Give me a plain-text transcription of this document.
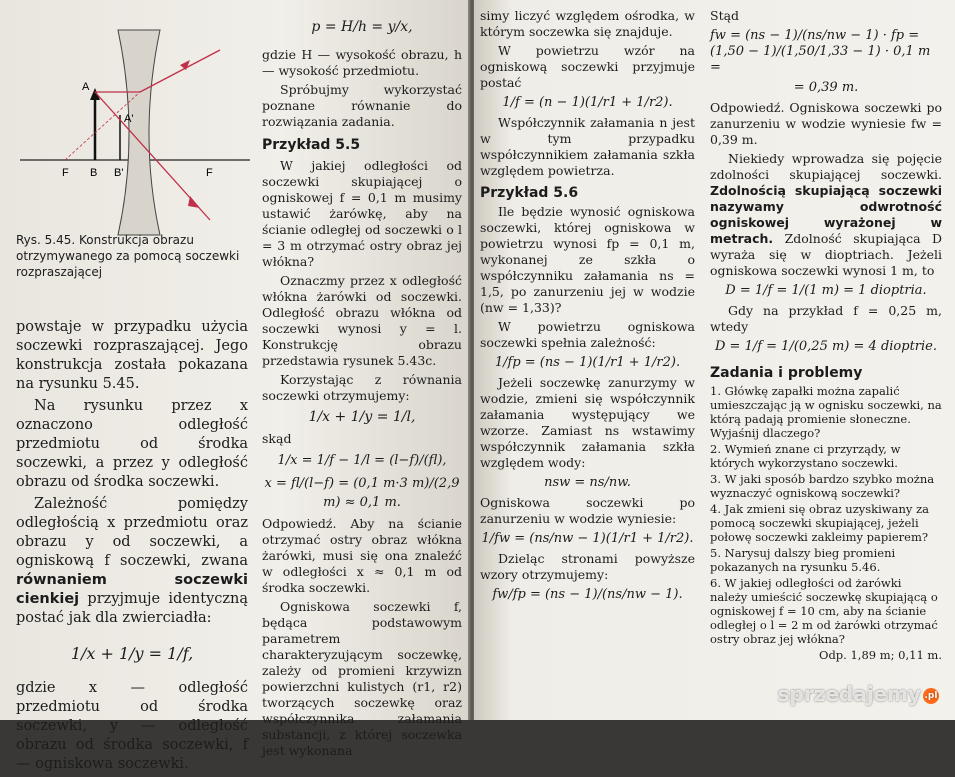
A
A'
F B B'	F
Rys. 5.45. Konstrukcja obrazu otrzymywanego za pomocą soczewki rozpraszającej

powstaje w przypadku użycia soczewki rozpraszającej. Jego konstrukcja została pokazana na rysunku 5.45.

Na rysunku przez x oznaczono odległość przedmiotu od środka soczewki, a przez y odległość obrazu od środka soczewki.

Zależność pomiędzy odległością x przedmiotu oraz obrazu y od soczewki, a ogniskową f soczewki, zwana równaniem soczewki cienkiej przyjmuje identyczną postać jak dla zwierciadła:

1/x + 1/y = 1/f,

gdzie x — odległość przedmiotu od środka soczewki, y — odległość obrazu od środka soczewki, f — ogniskowa soczewki.

p = H/h = y/x,

gdzie H — wysokość obrazu, h — wysokość przedmiotu.

Spróbujmy wykorzystać poznane równanie do rozwiązania zadania.

Przykład 5.5

W jakiej odległości od soczewki skupiającej o ogniskowej f = 0,1 m musimy ustawić żarówkę, aby na ścianie odległej od soczewki o l = 3 m otrzymać ostry obraz jej włókna?

Oznaczmy przez x odległość włókna żarówki od soczewki. Odległość obrazu włókna od soczewki wynosi y = l. Konstrukcję obrazu przedstawia rysunek 5.43c.

Korzystając z równania soczewki otrzymujemy:

1/x + 1/y = 1/l,

skąd

1/x = 1/f − 1/l = (l−f)/(fl),
x = fl/(l−f) = (0,1 m·3 m)/(2,9 m) ≈ 0,1 m.

Odpowiedź. Aby na ścianie otrzymać ostry obraz włókna żarówki, musi się ona znaleźć w odległości x ≈ 0,1 m od środka soczewki.

Ogniskowa soczewki f, będąca podstawowym parametrem charakteryzującym soczewkę, zależy od promieni krzywizn powierzchni kulistych (r1, r2) tworzących soczewkę oraz współczynnika załamania substancji, z której soczewka jest wykonana

simy liczyć względem ośrodka, w którym soczewka się znajduje.

W powietrzu wzór na ogniskową soczewki przyjmuje postać

1/f = (n − 1)(1/r1 + 1/r2).

Współczynnik załamania n jest w tym przypadku współczynnikiem załamania szkła względem powietrza.

Przykład 5.6

Ile będzie wynosić ogniskowa soczewki, której ogniskowa w powietrzu wynosi fp = 0,1 m, wykonanej ze szkła o współczynniku załamania ns = 1,5, po zanurzeniu jej w wodzie (nw = 1,33)?

W powietrzu ogniskowa soczewki spełnia zależność:

1/fp = (ns − 1)(1/r1 + 1/r2).

Jeżeli soczewkę zanurzymy w wodzie, zmieni się współczynnik załamania występujący we wzorze. Zamiast ns wstawimy współczynnik załamania szkła względem wody:

nsw = ns/nw.

Ogniskowa soczewki po zanurzeniu w wodzie wyniesie:

1/fw = (ns/nw − 1)(1/r1 + 1/r2).

Dzieląc stronami powyższe wzory otrzymujemy:

fw/fp = (ns − 1)/(ns/nw − 1).

Stąd

fw = (ns − 1)/(ns/nw − 1) · fp = (1,50 − 1)/(1,50/1,33 − 1) · 0,1 m =
= 0,39 m.

Odpowiedź. Ogniskowa soczewki po zanurzeniu w wodzie wyniesie fw = 0,39 m.

Niekiedy wprowadza się pojęcie zdolności skupiającej soczewki. Zdolnością skupiającą soczewki nazywamy odwrotność ogniskowej wyrażonej w metrach. Zdolność skupiająca D wyraża się w dioptriach. Jeżeli ogniskowa soczewki wynosi 1 m, to

D = 1/f = 1/(1 m) = 1 dioptria.

Gdy na przykład f = 0,25 m, wtedy

D = 1/f = 1/(0,25 m) = 4 dioptrie.
Zadania i problemy
1. Główkę zapałki można zapalić umieszczając ją w ognisku soczewki, na którą padają promienie słoneczne. Wyjaśnij dlaczego?
2. Wymień znane ci przyrządy, w których wykorzystano soczewki.
3. W jaki sposób bardzo szybko można wyznaczyć ogniskową soczewki?
4. Jak zmieni się obraz uzyskiwany za pomocą soczewki skupiającej, jeżeli połowę soczewki zakleimy papierem?
5. Narysuj dalszy bieg promieni pokazanych na rysunku 5.46.
6. W jakiej odległości od żarówki należy umieścić soczewkę skupiającą o ogniskowej f = 10 cm, aby na ścianie odległej o l = 2 m od żarówki otrzymać ostry obraz jej włókna?
Odp. 1,89 m; 0,11 m.
sprzedajemy .pl
